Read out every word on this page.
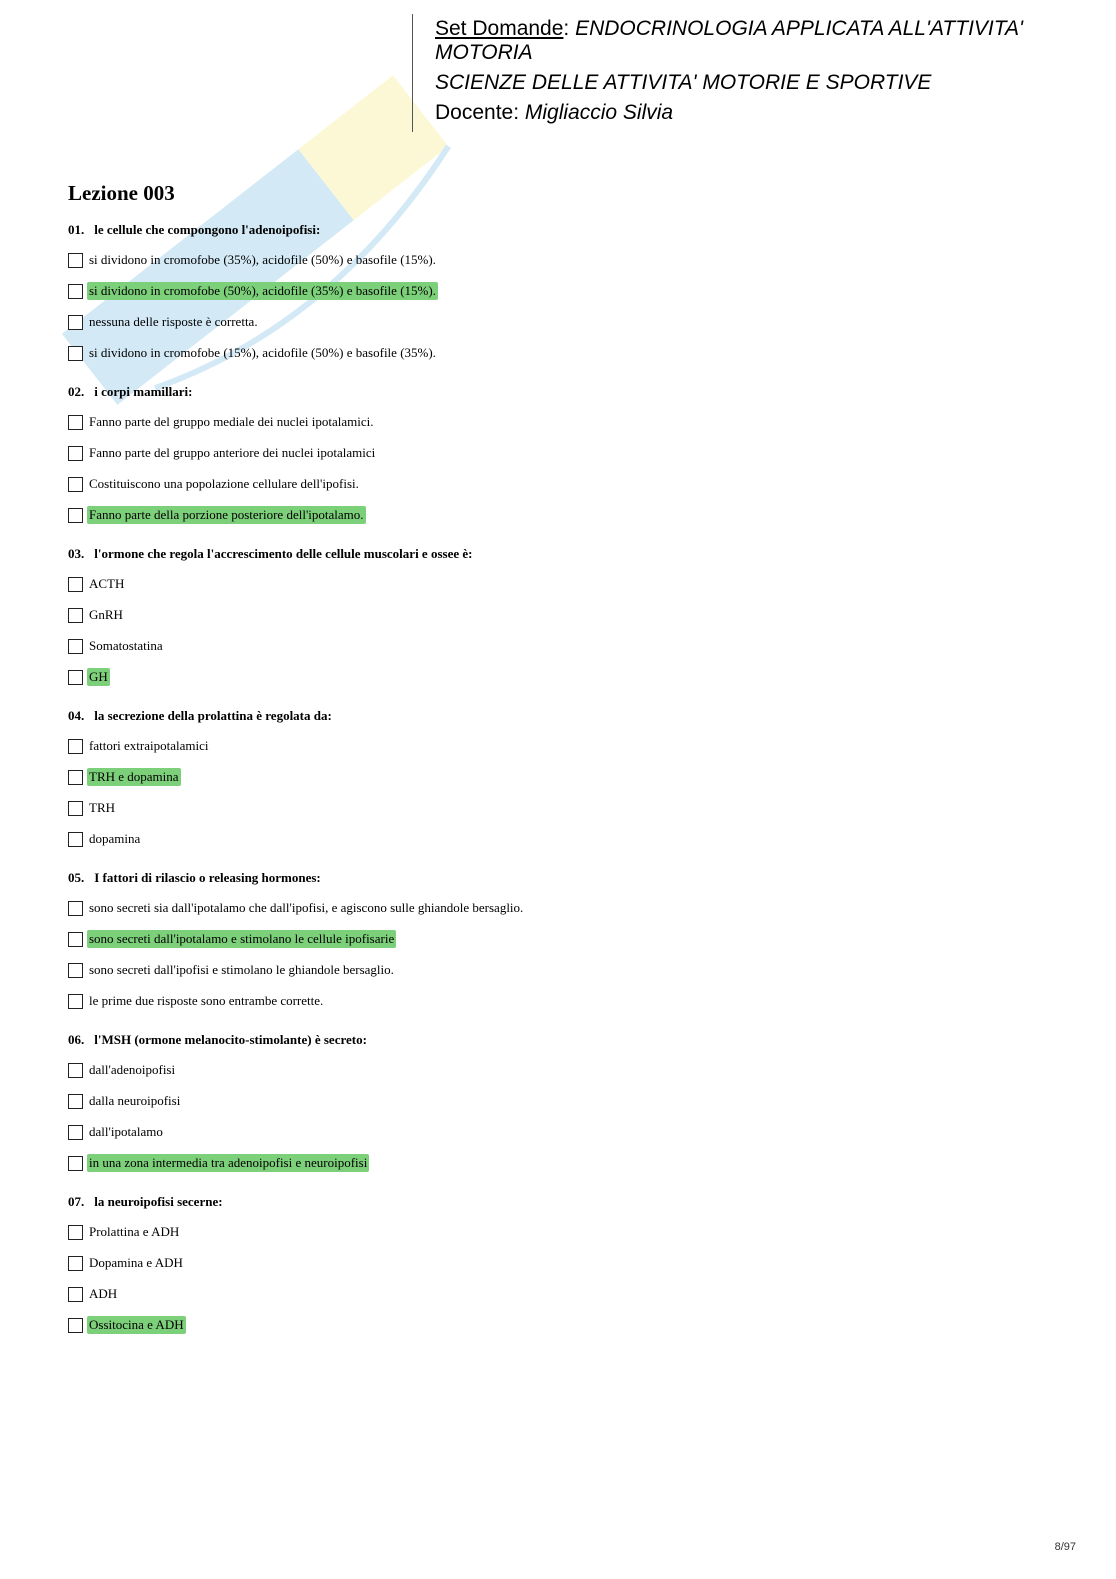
Set Domande: ENDOCRINOLOGIA APPLICATA ALL'ATTIVITA'
MOTORIA
SCIENZE DELLE ATTIVITA' MOTORIE E SPORTIVE
Docente: Migliaccio Silvia
Lezione 003
01. le cellule che compongono l'adenoipofisi:
si dividono in cromofobe (35%), acidofile (50%) e basofile (15%).
si dividono in cromofobe (50%), acidofile (35%) e basofile (15%).
nessuna delle risposte è corretta.
si dividono in cromofobe (15%), acidofile (50%) e basofile (35%).
02. i corpi mamillari:
Fanno parte del gruppo mediale dei nuclei ipotalamici.
Fanno parte del gruppo anteriore dei nuclei ipotalamici
Costituiscono una popolazione cellulare dell'ipofisi.
Fanno parte della porzione posteriore dell'ipotalamo.
03. l'ormone che regola l'accrescimento delle cellule muscolari e ossee è:
ACTH
GnRH
Somatostatina
GH
04. la secrezione della prolattina è regolata da:
fattori extraipotalamici
TRH e dopamina
TRH
dopamina
05. I fattori di rilascio o releasing hormones:
sono secreti sia dall'ipotalamo che dall'ipofisi, e agiscono sulle ghiandole bersaglio.
sono secreti dall'ipotalamo e stimolano le cellule ipofisarie
sono secreti dall'ipofisi e stimolano le ghiandole bersaglio.
le prime due risposte sono entrambe corrette.
06. l'MSH (ormone melanocito-stimolante) è secreto:
dall'adenoipofisi
dalla neuroipofisi
dall'ipotalamo
in una zona intermedia tra adenoipofisi e neuroipofisi
07. la neuroipofisi secerne:
Prolattina e ADH
Dopamina e ADH
ADH
Ossitocina e ADH
8/97
